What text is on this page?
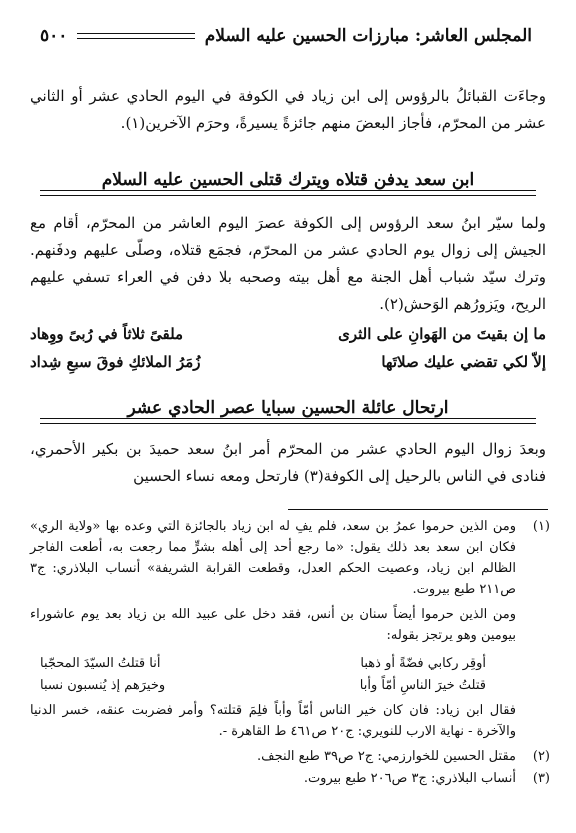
المجلس العاشر: مبارزات الحسين عليه السلام
٥٠٠
وجاءَت القبائلُ بالرؤوس إلى ابن زياد في الكوفة في اليوم الحادي عشر أو الثاني عشر من المحرّم، فأجاز البعضَ منهم جائزةً يسيرةً، وحرَم الآخرين(١).
ابن سعد يدفن قتلاه ويترك قتلى الحسين عليه السلام
ولما سيّر ابنُ سعد الرؤوس إلى الكوفة عصرَ اليوم العاشر من المحرّم، أقام مع الجيش إلى زوال يوم الحادي عشر من المحرّم، فجمَع قتلاه، وصلّى عليهم ودفَنهم. وترك سيّد شباب أهل الجنة مع أهل بيته وصحبه بلا دفن في العراء تسفي عليهم الريح، ويَزورُهم الوَحش(٢).
ما إن بقيتَ من الهَوانِ على الثرى
ملقىً ثلاثاً في رُبىً ووِهاد
إلاّ لكي تقضي عليك صلاتَها
زُمَرُ الملائكِ فوقَ سبعِ شِداد
ارتحال عائلة الحسين سبايا عصر الحادي عشر
وبعدَ زوال اليوم الحادي عشر من المحرّم أمر ابنُ سعد حميدَ بن بكير الأحمري، فنادى في الناس بالرحيل إلى الكوفة(٣) فارتحل ومعه نساء الحسين
(١)
ومن الذين حرموا عمرُ بن سعد، فلم يفِ له ابن زياد بالجائزة التي وعده بها «ولاية الري» فكان ابن سعد بعد ذلك يقول: «ما رجع أحد إلى أهله بشرٍّ مما رجعت به، أطعت الفاجر الظالم ابن زياد، وعصيت الحكم العدل، وقطعت القرابة الشريفة» أنساب البلاذري: ج٣ ص٢١١ طبع بيروت.
ومن الذين حرموا أيضاً سنان بن أنس، فقد دخل على عبيد الله بن زياد بعد يوم عاشوراء بيومين وهو يرتجز بقوله:
أوقِر ركابي فضّةً أو ذهبا
أنا قتلتُ السيّدَ المحجّبا
قتلتُ خيرَ الناسِ أمّاً وأبا
وخيرَهم إذ يُنسبون نسبا
فقال ابن زياد: فان كان خير الناس أمّاً وأباً فلِمَ قتلته؟ وأمر فضربت عنقه، خسر الدنيا والآخرة - نهاية الارب للنويري: ج٢٠ ص٤٦١ ط القاهرة -.
(٢)
مقتل الحسين للخوارزمي: ج٢ ص٣٩ طبع النجف.
(٣)
أنساب البلاذري: ج٣ ص٢٠٦ طبع بيروت.
